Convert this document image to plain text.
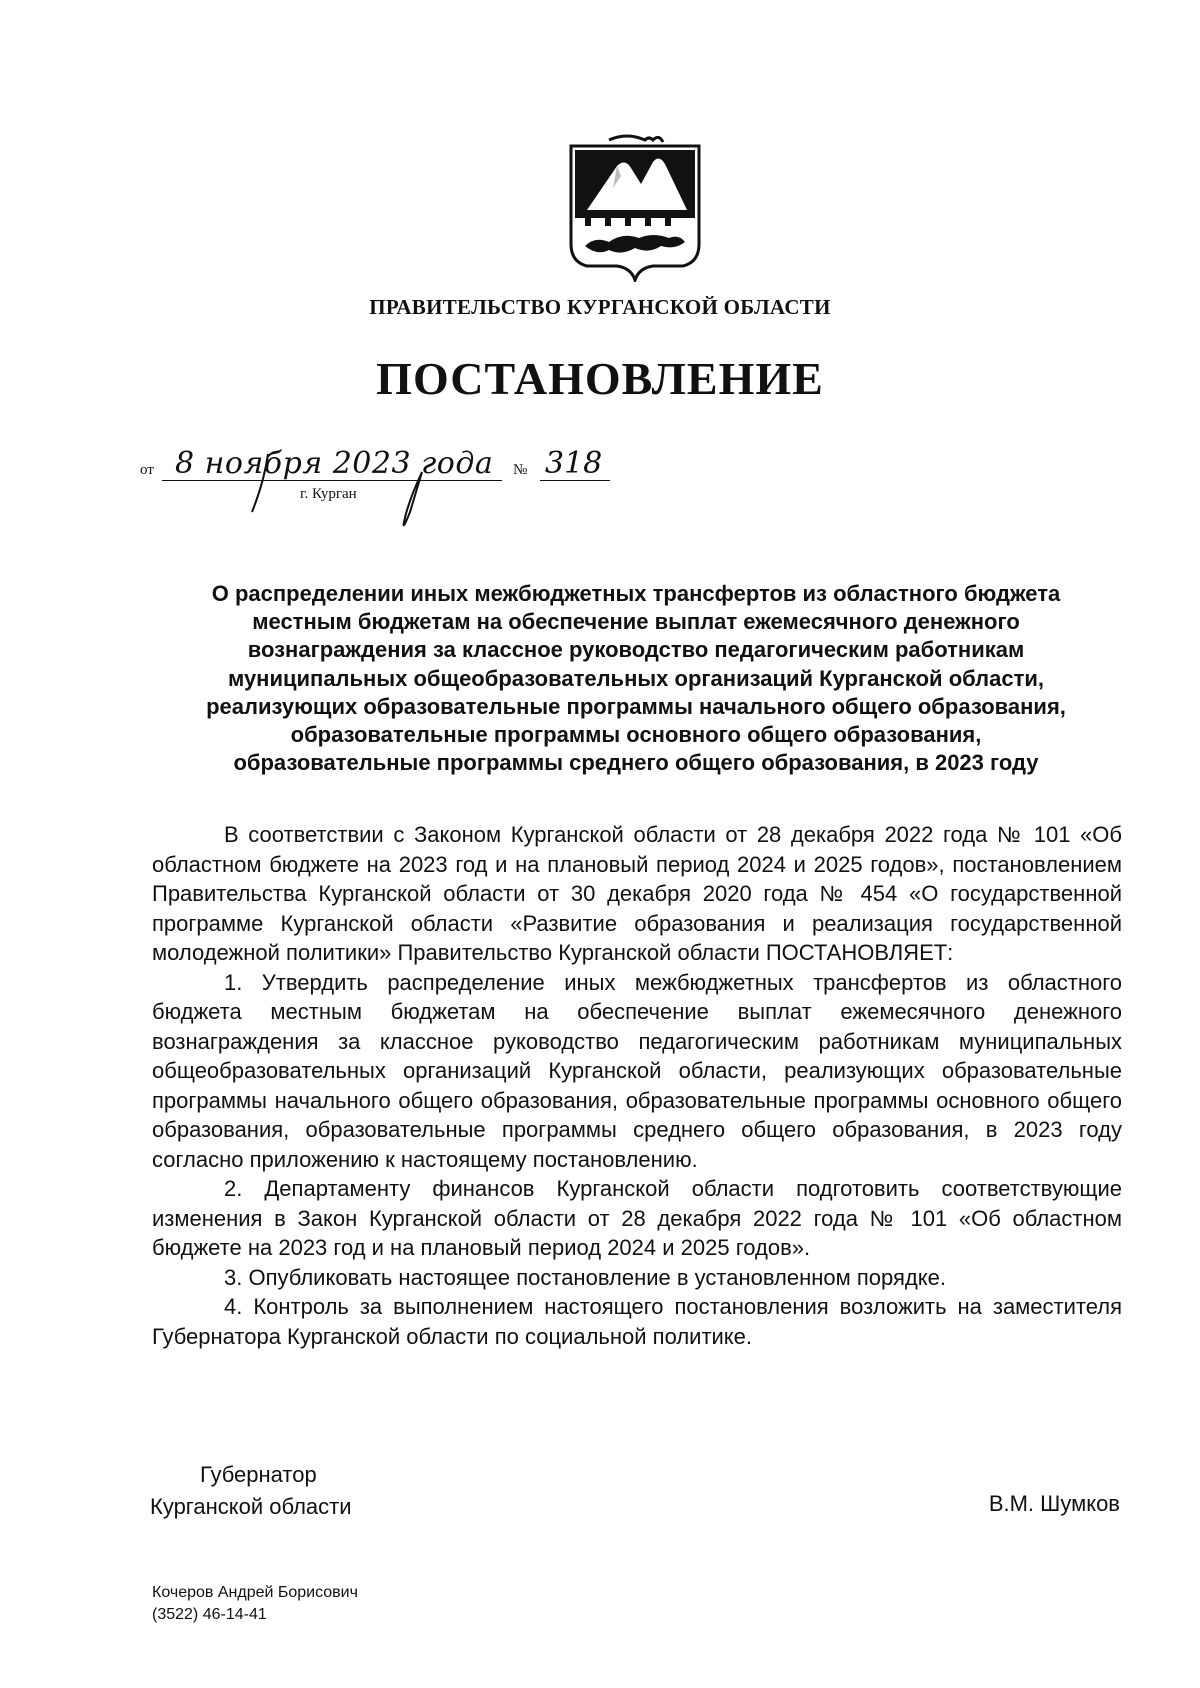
ПРАВИТЕЛЬСТВО КУРГАНСКОЙ ОБЛАСТИ
ПОСТАНОВЛЕНИЕ
от 8 ноября 2023 года № 318
г. Курган
О распределении иных межбюджетных трансфертов из областного бюджета
местным бюджетам на обеспечение выплат ежемесячного денежного
вознаграждения за классное руководство педагогическим работникам
муниципальных общеобразовательных организаций Курганской области,
реализующих образовательные программы начального общего образования,
образовательные программы основного общего образования,
образовательные программы среднего общего образования, в 2023 году

В соответствии с Законом Курганской области от 28 декабря 2022 года № 101 «Об областном бюджете на 2023 год и на плановый период 2024 и 2025 годов», постановлением Правительства Курганской области от 30 декабря 2020 года № 454 «О государственной программе Курганской области «Развитие образования и реализация государственной молодежной политики» Правительство Курганской области ПОСТАНОВЛЯЕТ:

1. Утвердить распределение иных межбюджетных трансфертов из областного бюджета местным бюджетам на обеспечение выплат ежемесячного денежного вознаграждения за классное руководство педагогическим работникам муниципальных общеобразовательных организаций Курганской области, реализующих образовательные программы начального общего образования, образовательные программы основного общего образования, образовательные программы среднего общего образования, в 2023 году согласно приложению к настоящему постановлению.

2. Департаменту финансов Курганской области подготовить соответствующие изменения в Закон Курганской области от 28 декабря 2022 года № 101 «Об областном бюджете на 2023 год и на плановый период 2024 и 2025 годов».

3. Опубликовать настоящее постановление в установленном порядке.

4. Контроль за выполнением настоящего постановления возложить на заместителя Губернатора Курганской области по социальной политике.

Губернатор
Курганской области	В.М. Шумков
Кочеров Андрей Борисович
(3522) 46-14-41
